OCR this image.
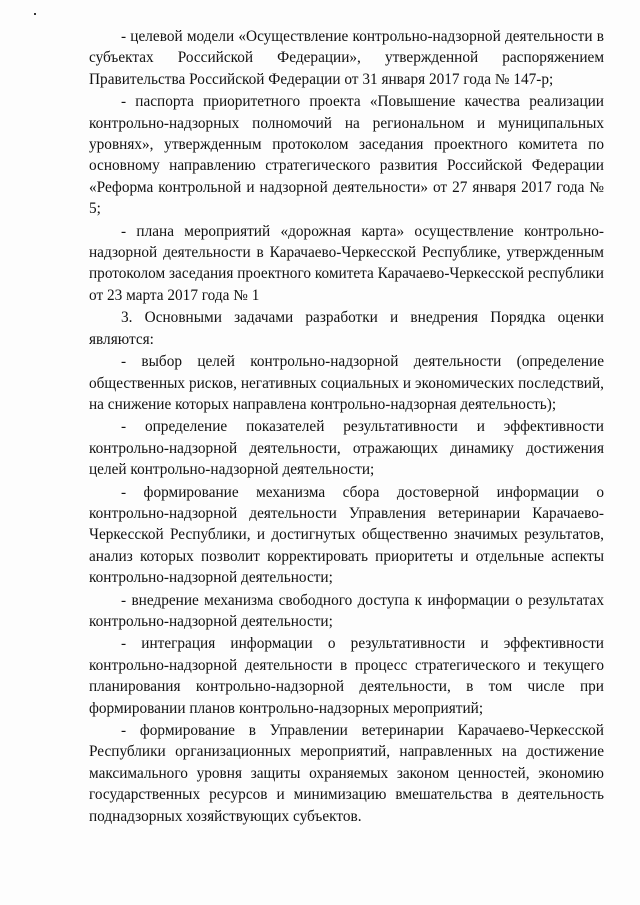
- целевой модели «Осуществление контрольно-надзорной деятельности в субъектах Российской Федерации», утвержденной распоряжением Правительства Российской Федерации от 31 января 2017 года № 147-р;

- паспорта приоритетного проекта «Повышение качества реализации контрольно-надзорных полномочий на региональном и муниципальных уровнях», утвержденным протоколом заседания проектного комитета по основному направлению стратегического развития Российской Федерации «Реформа контрольной и надзорной деятельности» от 27 января 2017 года № 5;

- плана мероприятий «дорожная карта» осуществление контрольно-надзорной деятельности в Карачаево-Черкесской Республике, утвержденным протоколом заседания проектного комитета Карачаево-Черкесской республики от 23 марта 2017 года № 1

3. Основными задачами разработки и внедрения Порядка оценки являются:

- выбор целей контрольно-надзорной деятельности (определение общественных рисков, негативных социальных и экономических последствий, на снижение которых направлена контрольно-надзорная деятельность);

- определение показателей результативности и эффективности контрольно-надзорной деятельности, отражающих динамику достижения целей контрольно-надзорной деятельности;

- формирование механизма сбора достоверной информации о контрольно-надзорной деятельности Управления ветеринарии Карачаево-Черкесской Республики, и достигнутых общественно значимых результатов, анализ которых позволит корректировать приоритеты и отдельные аспекты контрольно-надзорной деятельности;

- внедрение механизма свободного доступа к информации о результатах контрольно-надзорной деятельности;

- интеграция информации о результативности и эффективности контрольно-надзорной деятельности в процесс стратегического и текущего планирования контрольно-надзорной деятельности, в том числе при формировании планов контрольно-надзорных мероприятий;

- формирование в Управлении ветеринарии Карачаево-Черкесской Республики организационных мероприятий, направленных на достижение максимального уровня защиты охраняемых законом ценностей, экономию государственных ресурсов и минимизацию вмешательства в деятельность поднадзорных хозяйствующих субъектов.
